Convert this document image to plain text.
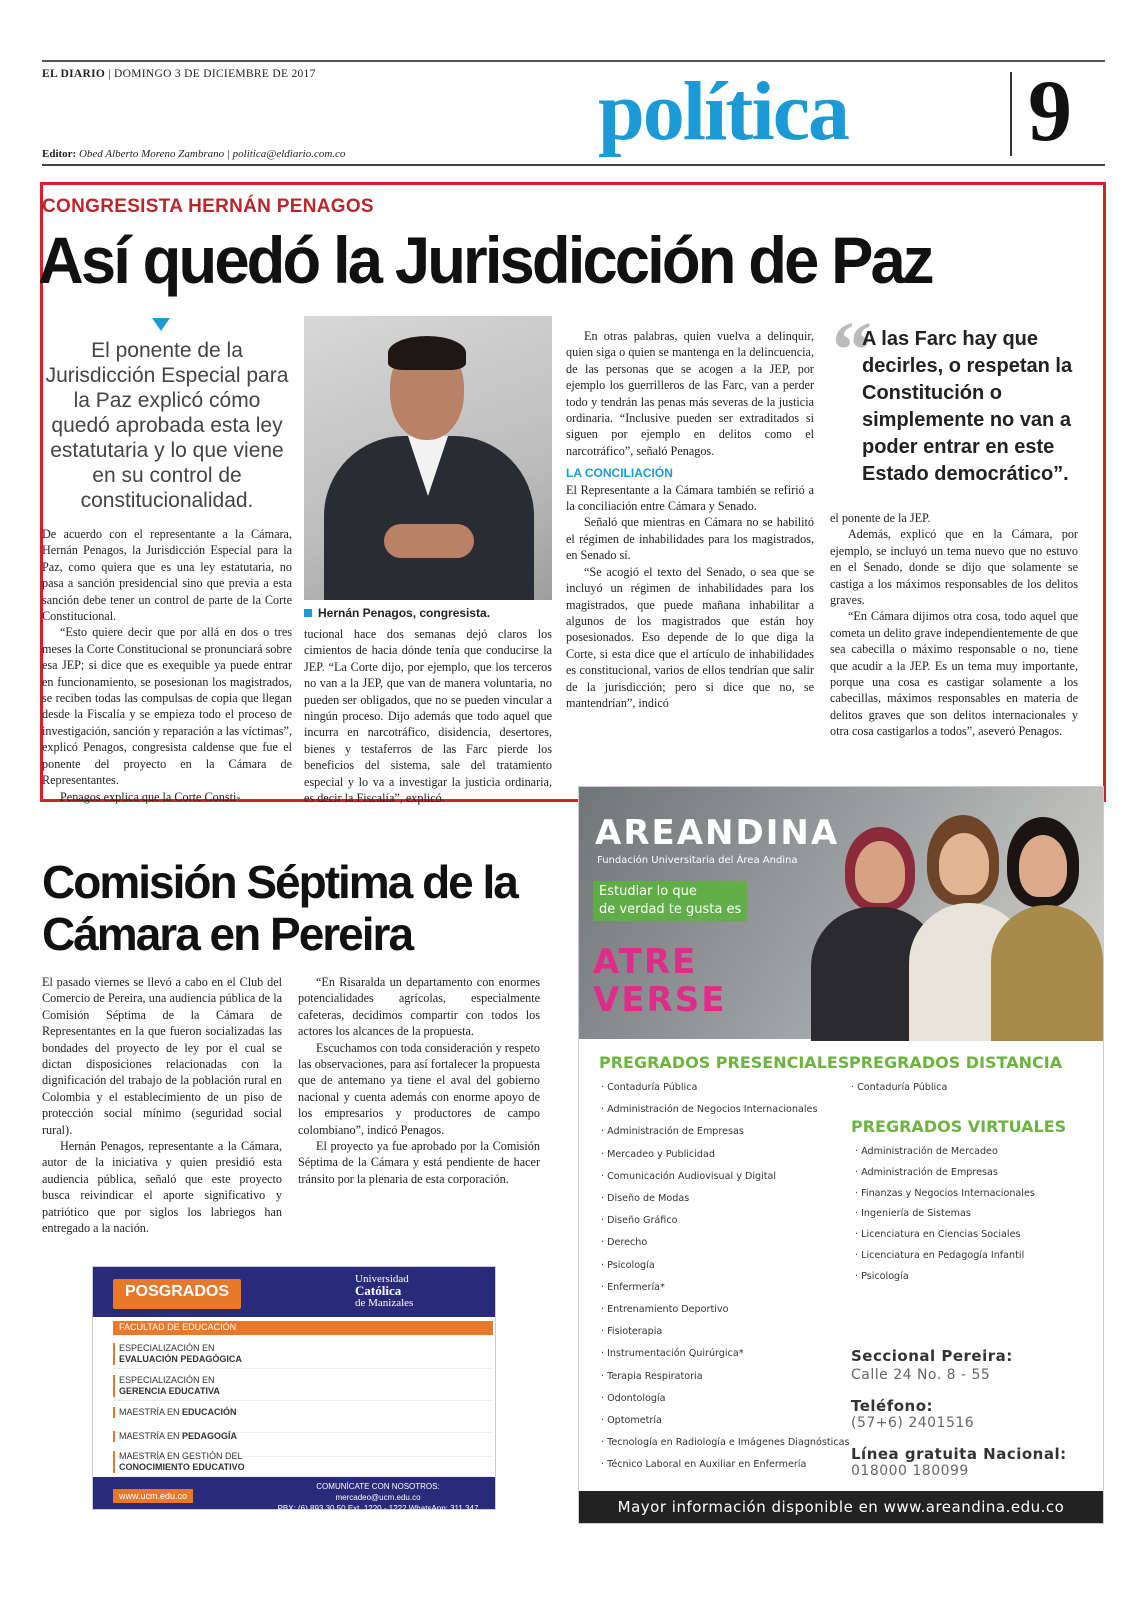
EL DIARIO | DOMINGO 3 DE DICIEMBRE DE 2017
Editor: Obed Alberto Moreno Zambrano | politica@eldiario.com.co	política 9
CONGRESISTA HERNÁN PENAGOS
Así quedó la Jurisdicción de Paz
El ponente de la Jurisdicción Especial para la Paz explicó cómo quedó aprobada esta ley estatutaria y lo que viene en su control de constitucionalidad.
Hernán Penagos, congresista.

De acuerdo con el representante a la Cámara, Hernán Penagos, la Jurisdicción Especial para la Paz, como quiera que es una ley estatutaria, no pasa a sanción presidencial sino que previa a esta sanción debe tener un control de parte de la Corte Constitucional.

“Esto quiere decir que por allá en dos o tres meses la Corte Constitucional se pronunciará sobre esa JEP; si dice que es exequible ya puede entrar en funcionamiento, se posesionan los magistrados, se reciben todas las compulsas de copia que llegan desde la Fiscalía y se empieza todo el proceso de investigación, sanción y reparación a las víctimas”, explicó Penagos, congresista caldense que fue el ponente del proyecto en la Cámara de Representantes.

Penagos explica que la Corte Consti-

tucional hace dos semanas dejó claros los cimientos de hacia dónde tenía que conducirse la JEP. “La Corte dijo, por ejemplo, que los terceros no van a la JEP, que van de manera voluntaria, no pueden ser obligados, que no se pueden vincular a ningún proceso. Dijo además que todo aquel que incurra en narcotráfico, disidencia, desertores, bienes y testaferros de las Farc pierde los beneficios del sistema, sale del tratamiento especial y lo va a investigar la justicia ordinaria, es decir la Fiscalía”, explicó.

En otras palabras, quien vuelva a delinquir, quien siga o quien se mantenga en la delincuencia, de las personas que se acogen a la JEP, por ejemplo los guerrilleros de las Farc, van a perder todo y tendrán las penas más severas de la justicia ordinaria. “Inclusive pueden ser extraditados si siguen por ejemplo en delitos como el narcotráfico”, señaló Penagos.

LA CONCILIACIÓN

El Representante a la Cámara también se refirió a la conciliación entre Cámara y Senado.

Señaló que mientras en Cámara no se habilitó el régimen de inhabilidades para los magistrados, en Senado sí.

“Se acogió el texto del Senado, o sea que se incluyó un régimen de inhabilidades para los magistrados, que puede mañana inhabilitar a algunos de los magistrados que están hoy posesionados. Eso depende de lo que diga la Corte, si esta dice que el artículo de inhabilidades es constitucional, varios de ellos tendrían que salir de la jurisdicción; pero si dice que no, se mantendrían”, indicó

“
A las Farc hay que decirles, o respetan la Constitución o simplemente no van a poder entrar en este Estado democrático”.

el ponente de la JEP.

Además, explicó que en la Cámara, por ejemplo, se incluyó un tema nuevo que no estuvo en el Senado, donde se dijo que solamente se castiga a los máximos responsables de los delitos graves.

“En Cámara dijimos otra cosa, todo aquel que cometa un delito grave independientemente de que sea cabecilla o máximo responsable o no, tiene que acudir a la JEP. Es un tema muy importante, porque una cosa es castigar solamente a los cabecillas, máximos responsables en materia de delitos graves que son delitos internacionales y otra cosa castigarlos a todos”, aseveró Penagos.

Comisión Séptima de la Cámara en Pereira

El pasado viernes se llevó a cabo en el Club del Comercio de Pereira, una audiencia pública de la Comisión Séptima de la Cámara de Representantes en la que fueron socializadas las bondades del proyecto de ley por el cual se dictan disposiciones relacionadas con la dignificación del trabajo de la población rural en Colombia y el establecimiento de un piso de protección social mínimo (seguridad social rural).

Hernán Penagos, representante a la Cámara, autor de la iniciativa y quien presidió esta audiencia pública, señaló que este proyecto busca reivindicar el aporte significativo y patriótico que por siglos los labriegos han entregado a la nación.

“En Risaralda un departamento con enormes potencialidades agrícolas, especialmente cafeteras, decidimos compartir con todos los actores los alcances de la propuesta.

Escuchamos con toda consideración y respeto las observaciones, para así fortalecer la propuesta que de antemano ya tiene el aval del gobierno nacional y cuenta además con enorme apoyo de los empresarios y productores de campo colombiano”, indicó Penagos.

El proyecto ya fue aprobado por la Comisión Séptima de la Cámara y está pendiente de hacer tránsito por la plenaria de esta corporación.

POSGRADOS
Universidad
Católica
de Manizales
FACULTAD DE EDUCACIÓN
ESPECIALIZACIÓN EN
EVALUACIÓN PEDAGÓGICA
ESPECIALIZACIÓN EN
GERENCIA EDUCATIVA
MAESTRÍA EN EDUCACIÓN
MAESTRÍA EN PEDAGOGÍA
MAESTRÍA EN GESTIÓN DEL
CONOCIMIENTO EDUCATIVO
www.ucm.edu.co
COMUNÍCATE CON NOSOTROS: mercadeo@ucm.edu.co
PBX: (6) 893 30 50 Ext. 1220 - 1222 WhatsApp: 311 347 76 49
AREANDINA
Fundación Universitaria del Área Andina
Estudiar lo que
de verdad te gusta es
ATRE
VERSE
PREGRADOS PRESENCIALES PREGRADOS DISTANCIA
PREGRADOS VIRTUALES
· Contaduría Pública
· Administración de Negocios Internacionales
· Administración de Empresas
· Mercadeo y Publicidad
· Comunicación Audiovisual y Digital
· Diseño de Modas
· Diseño Gráfico
· Derecho
· Psicología
· Enfermería*
· Entrenamiento Deportivo
· Fisioterapia
· Instrumentación Quirúrgica*
· Terapia Respiratoria
· Odontología
· Optometría
· Tecnología en Radiología e Imágenes Diagnósticas
· Técnico Laboral en Auxiliar en Enfermería
· Contaduría Pública
· Administración de Mercadeo
· Administración de Empresas
· Finanzas y Negocios Internacionales
· Ingeniería de Sistemas
· Licenciatura en Ciencias Sociales
· Licenciatura en Pedagogía Infantil
· Psicología
Seccional Pereira:
Calle 24 No. 8 - 55
Teléfono:
(57+6) 2401516
Línea gratuita Nacional:
018000 180099
Mayor información disponible en www.areandina.edu.co
